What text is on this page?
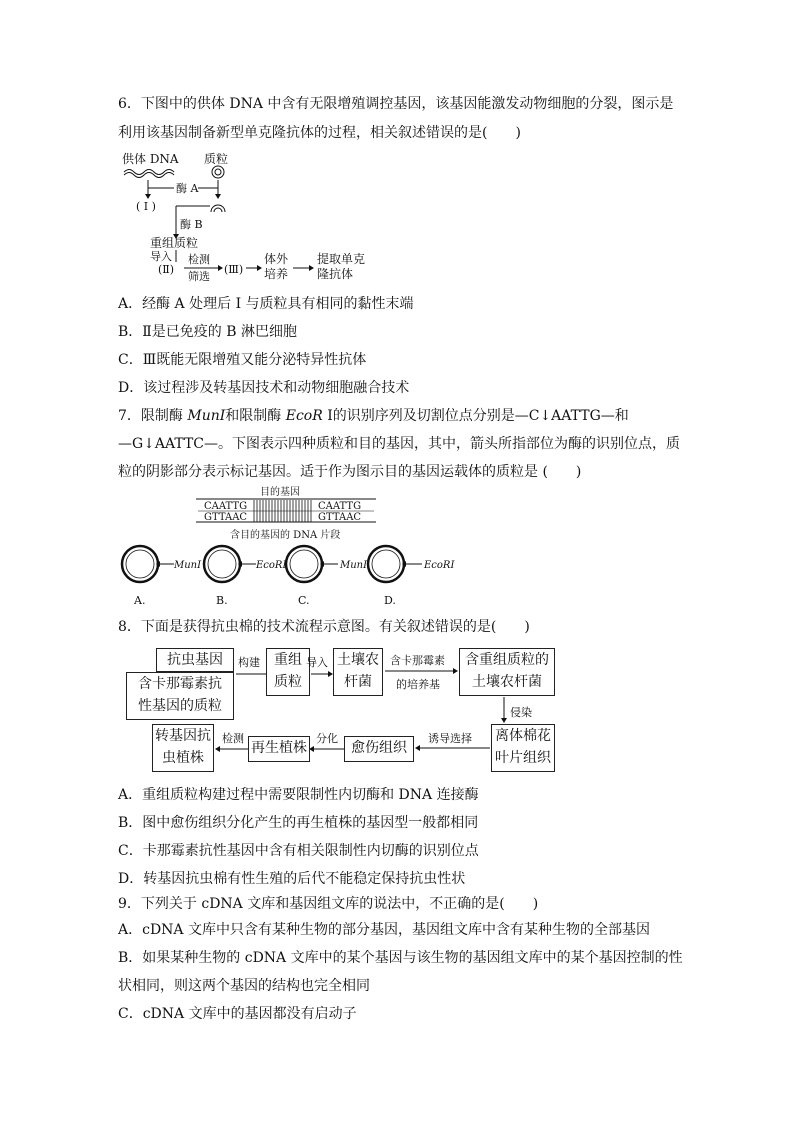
6．下图中的供体 DNA 中含有无限增殖调控基因，该基因能激发动物细胞的分裂，图示是
利用该基因制备新型单克隆抗体的过程，相关叙述错误的是(　　)
供体 DNA 质粒
酶 A
( I )
酶 B
重组质粒
导入
(Ⅱ)
检测
筛选
(Ⅲ)
体外
培养
提取单克
隆抗体
A．经酶 A 处理后 I 与质粒具有相同的黏性末端
B．Ⅱ是已免疫的 B 淋巴细胞
C．Ⅲ既能无限增殖又能分泌特异性抗体
D．该过程涉及转基因技术和动物细胞融合技术
7．限制酶 MunⅠ和限制酶 EcoR Ⅰ的识别序列及切割位点分别是—C↓AATTG—和
—G↓AATTC—。下图表示四种质粒和目的基因，其中，箭头所指部位为酶的识别位点，质
粒的阴影部分表示标记基因。适于作为图示目的基因运载体的质粒是 (　　)
目的基因
CAATTG
GTTAAC
CAATTG
GTTAAC
含目的基因的 DNA 片段
MunⅠ
A.
EcoRⅠ
B.
MunⅠ
C.
EcoRⅠ
D.
8．下面是获得抗虫棉的技术流程示意图。有关叙述错误的是(　　)
抗虫基因
含卡那霉素抗
性基因的质粒
构建	重组
质粒
导入 土壤农
杆菌
含卡那霉素
的培养基
含重组质粒的
土壤农杆菌
侵染
离体棉花
叶片组织
诱导选择
愈伤组织
分化
再生植株
检测
转基因抗
虫植株
A．重组质粒构建过程中需要限制性内切酶和 DNA 连接酶
B．图中愈伤组织分化产生的再生植株的基因型一般都相同
C．卡那霉素抗性基因中含有相关限制性内切酶的识别位点
D．转基因抗虫棉有性生殖的后代不能稳定保持抗虫性状
9．下列关于 cDNA 文库和基因组文库的说法中，不正确的是(　　)
A．cDNA 文库中只含有某种生物的部分基因，基因组文库中含有某种生物的全部基因
B．如果某种生物的 cDNA 文库中的某个基因与该生物的基因组文库中的某个基因控制的性
状相同，则这两个基因的结构也完全相同
C．cDNA 文库中的基因都没有启动子
